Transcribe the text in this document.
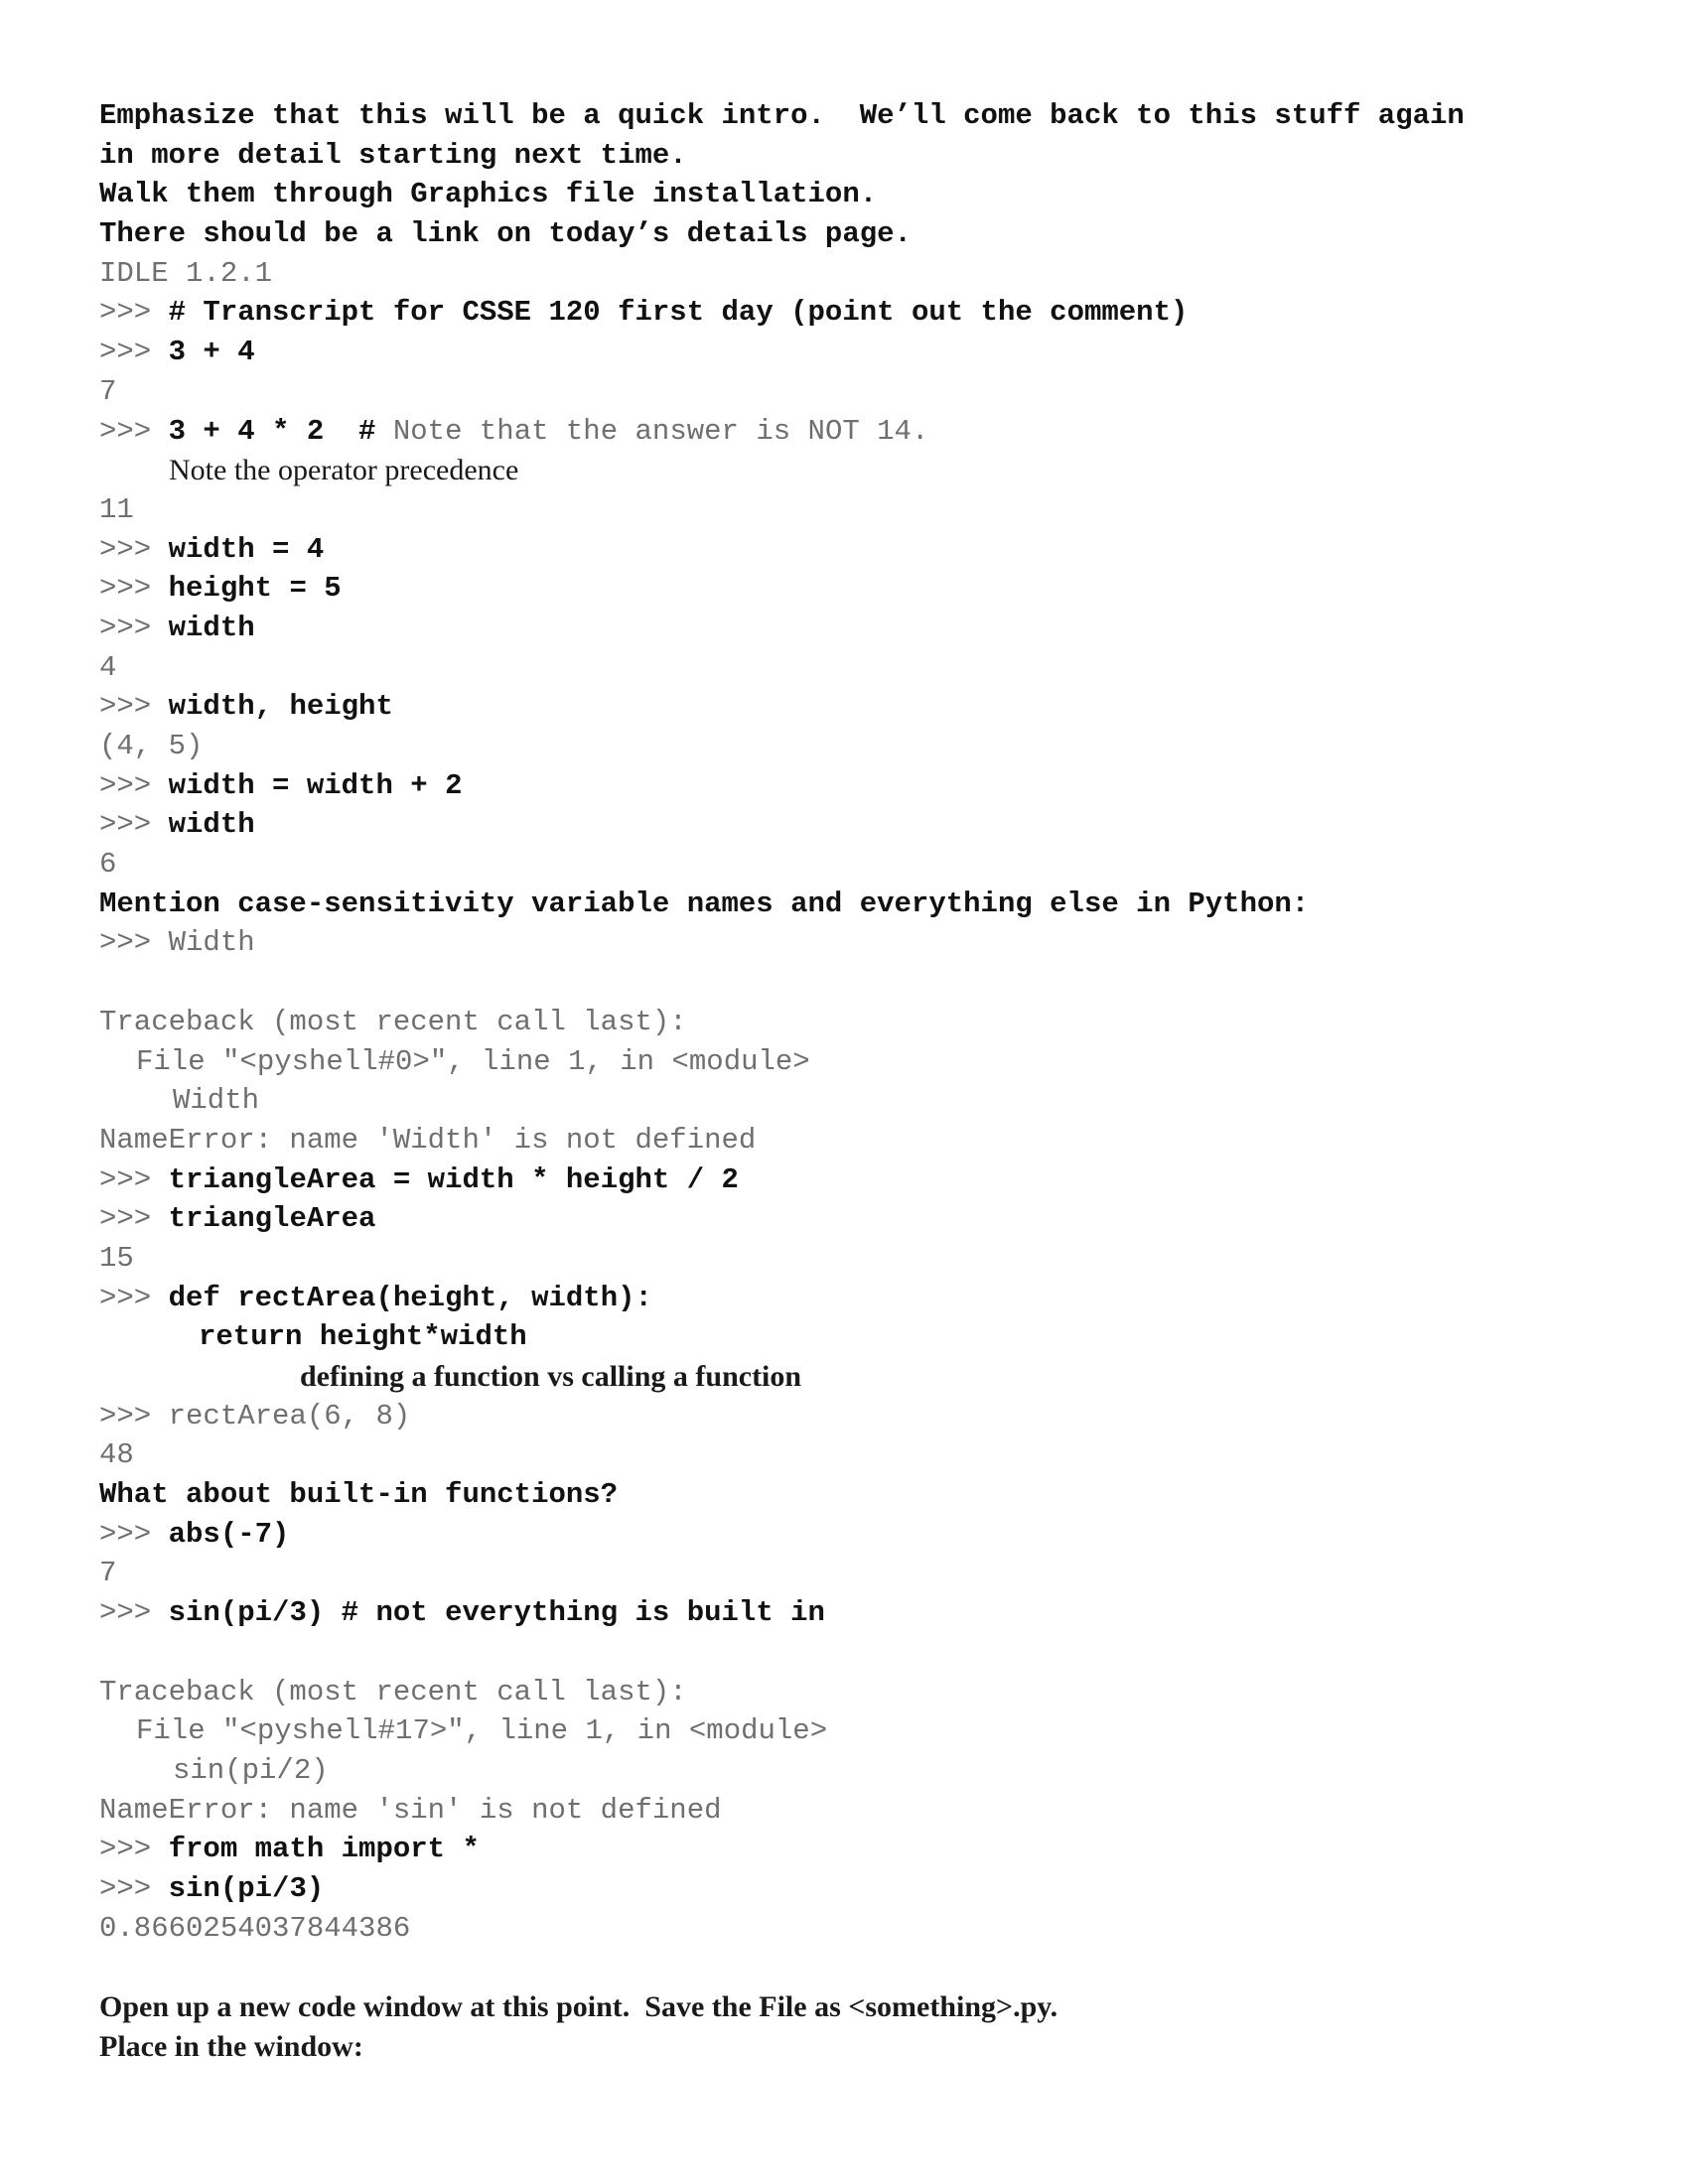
Emphasize that this will be a quick intro.  We’ll come back to this stuff again
in more detail starting next time.
Walk them through Graphics file installation.
There should be a link on today’s details page.
IDLE 1.2.1
>>> # Transcript for CSSE 120 first day (point out the comment)
>>> 3 + 4
7
>>> 3 + 4 * 2  # Note that the answer is NOT 14.
Note the operator precedence
11
>>> width = 4
>>> height = 5
>>> width
4
>>> width, height
(4, 5)
>>> width = width + 2
>>> width
6
Mention case-sensitivity variable names and everything else in Python:
>>> Width
Traceback (most recent call last):
File "<pyshell#0>", line 1, in <module>
Width
NameError: name 'Width' is not defined
>>> triangleArea = width * height / 2
>>> triangleArea
15
>>> def rectArea(height, width):
return height*width
defining a function vs calling a function
>>> rectArea(6, 8)
48
What about built-in functions?
>>> abs(-7)
7
>>> sin(pi/3) # not everything is built in
Traceback (most recent call last):
File "<pyshell#17>", line 1, in <module>
sin(pi/2)
NameError: name 'sin' is not defined
>>> from math import *
>>> sin(pi/3)
0.8660254037844386
Open up a new code window at this point.  Save the File as <something>.py.
Place in the window:
